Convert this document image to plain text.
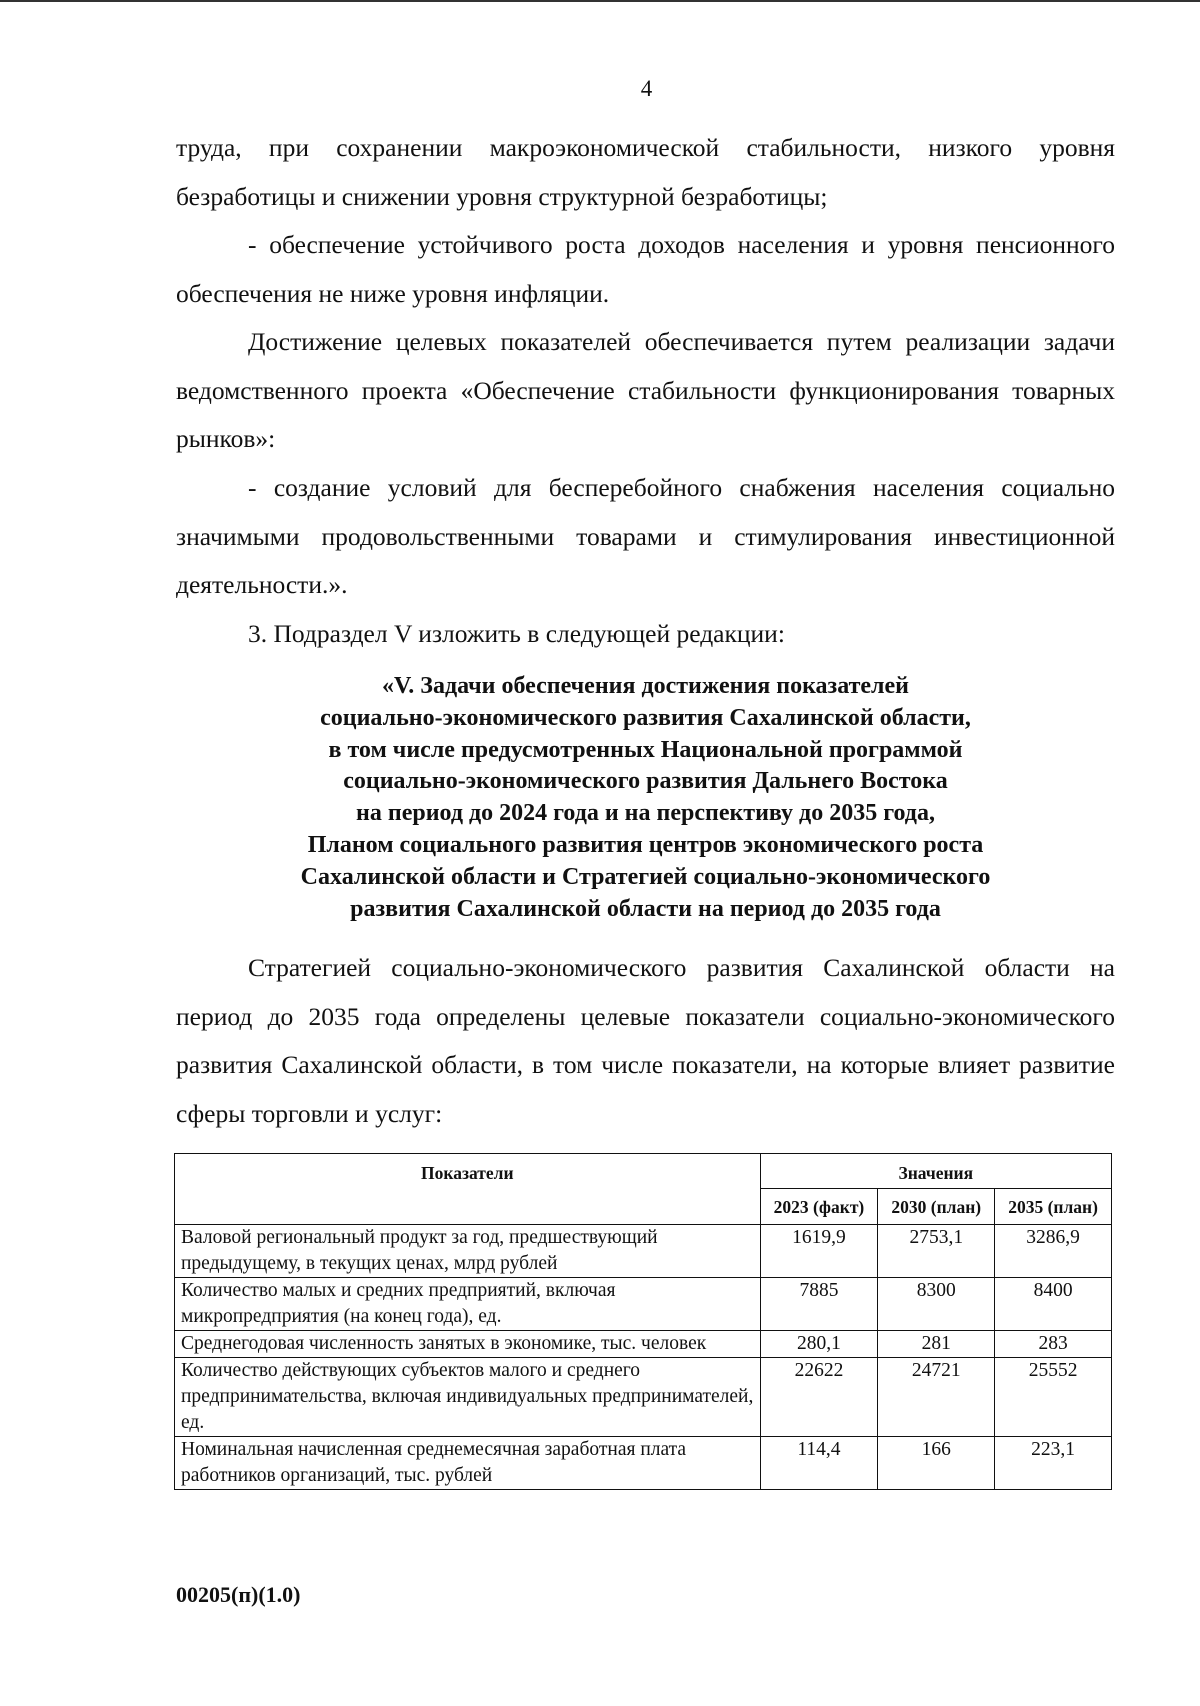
4

труда, при сохранении макроэкономической стабильности, низкого уровня безработицы и снижении уровня структурной безработицы;

- обеспечение устойчивого роста доходов населения и уровня пенсионного обеспечения не ниже уровня инфляции.

Достижение целевых показателей обеспечивается путем реализации задачи ведомственного проекта «Обеспечение стабильности функционирования товарных рынков»:

- создание условий для бесперебойного снабжения населения социально значимыми продовольственными товарами и стимулирования инвестиционной деятельности.».

3. Подраздел V изложить в следующей редакции:

«V. Задачи обеспечения достижения показателей
социально-экономического развития Сахалинской области,
в том числе предусмотренных Национальной программой
социально-экономического развития Дальнего Востока
на период до 2024 года и на перспективу до 2035 года,
Планом социального развития центров экономического роста
Сахалинской области и Стратегией социально-экономического
развития Сахалинской области на период до 2035 года

Стратегией социально-экономического развития Сахалинской области на период до 2035 года определены целевые показатели социально-экономического развития Сахалинской области, в том числе показатели, на которые влияет развитие сферы торговли и услуг:

Показатели	Значения		
	2023 (факт)	2030 (план)	2035 (план)
Валовой региональный продукт за год, предшествующий предыдущему, в текущих ценах, млрд рублей	1619,9	2753,1	3286,9
Количество малых и средних предприятий, включая микропредприятия (на конец года), ед.	7885	8300	8400
Среднегодовая численность занятых в экономике, тыс. человек	280,1	281	283
Количество действующих субъектов малого и среднего предпринимательства, включая индивидуальных предпринимателей, ед.	22622	24721	25552
Номинальная начисленная среднемесячная заработная плата работников организаций, тыс. рублей	114,4	166	223,1
00205(п)(1.0)
